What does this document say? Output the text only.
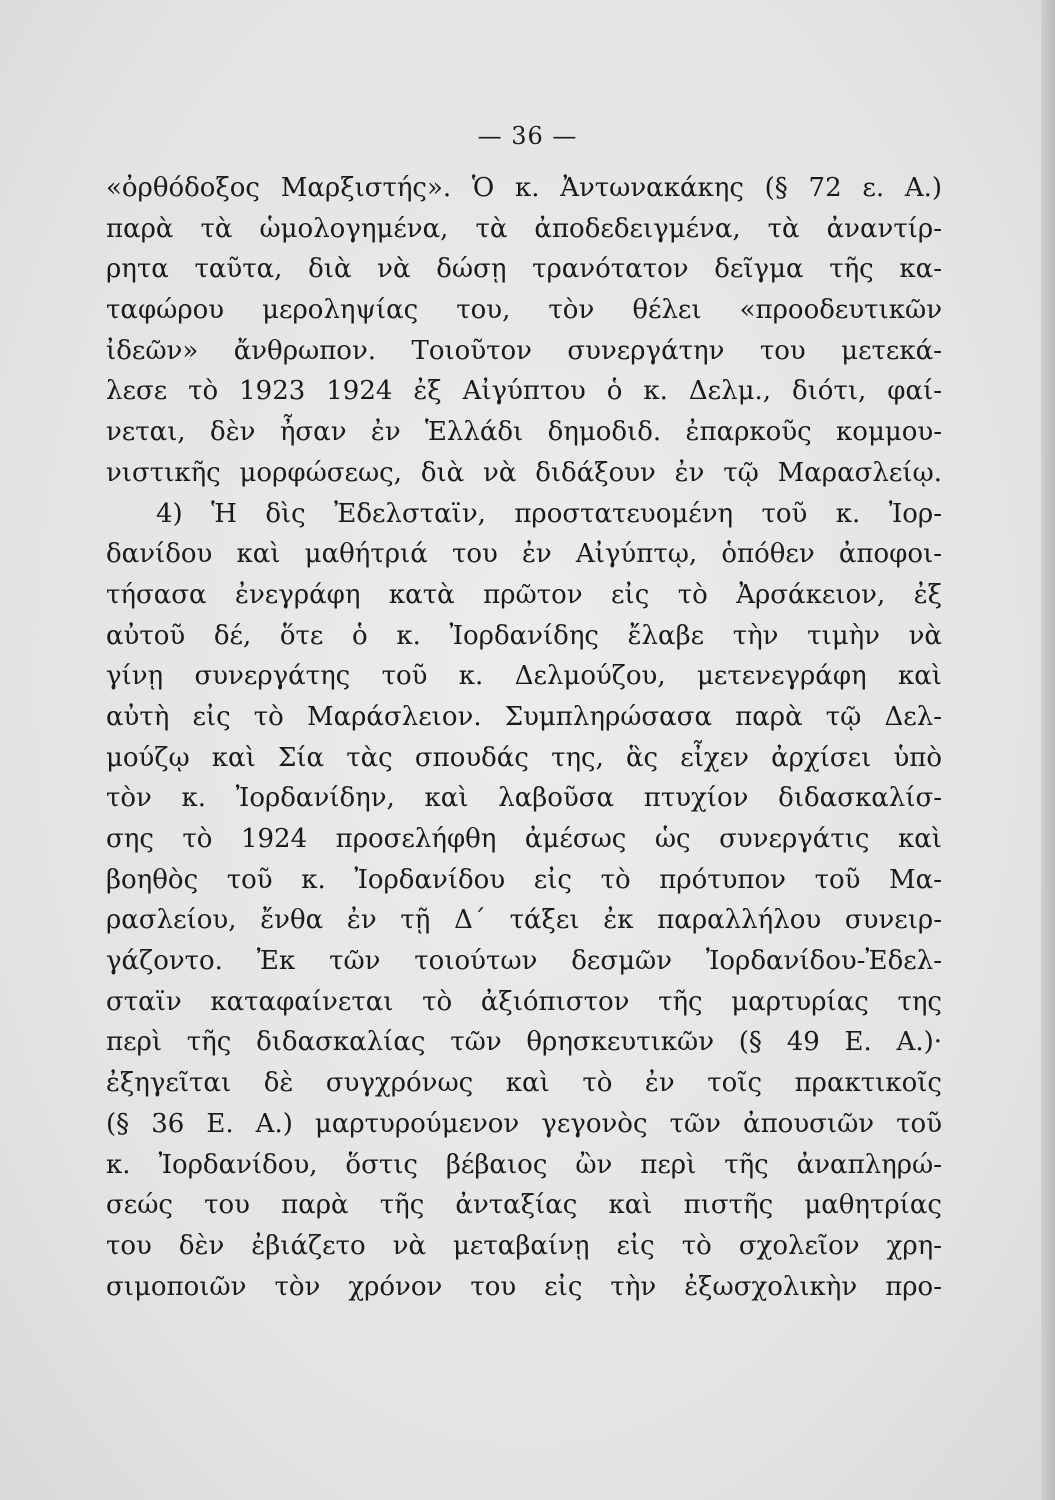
— 36 —
«ὀρθόδοξος Μαρξιστής». Ὁ κ. Ἀντωνακάκης (§ 72 ε. Α.)
παρὰ τὰ ὡμολογημένα, τὰ ἀποδεδειγμένα, τὰ ἀναντίρ-
ρητα ταῦτα, διὰ νὰ δώσῃ τρανότατον δεῖγμα τῆς κα-
ταφώρου μεροληψίας του, τὸν θέλει «προοδευτικῶν
ἰδεῶν» ἄνθρωπον. Τοιοῦτον συνεργάτην του μετεκά-
λεσε τὸ 1923 1924 ἐξ Αἰγύπτου ὁ κ. Δελμ., διότι, φαί-
νεται, δὲν ἦσαν ἐν Ἑλλάδι δημοδιδ. ἐπαρκοῦς κομμου-
νιστικῆς μορφώσεως, διὰ νὰ διδάξουν ἐν τῷ Μαρασλείῳ.
4) Ἡ δὶς Ἐδελσταϊν, προστατευομένη τοῦ κ. Ἰορ-
δανίδου καὶ μαθήτριά του ἐν Αἰγύπτῳ, ὁπόθεν ἀποφοι-
τήσασα ἐνεγράφη κατὰ πρῶτον εἰς τὸ Ἀρσάκειον, ἐξ
αὐτοῦ δέ, ὅτε ὁ κ. Ἰορδανίδης ἔλαβε τὴν τιμὴν νὰ
γίνῃ συνεργάτης τοῦ κ. Δελμούζου, μετενεγράφη καὶ
αὐτὴ εἰς τὸ Μαράσλειον. Συμπληρώσασα παρὰ τῷ Δελ-
μούζῳ καὶ Σία τὰς σπουδάς της, ἃς εἶχεν ἀρχίσει ὑπὸ
τὸν κ. Ἰορδανίδην, καὶ λαβοῦσα πτυχίον διδασκαλίσ-
σης τὸ 1924 προσελήφθη ἀμέσως ὡς συνεργάτις καὶ
βοηθὸς τοῦ κ. Ἰορδανίδου εἰς τὸ πρότυπον τοῦ Μα-
ρασλείου, ἔνθα ἐν τῇ Δ΄ τάξει ἐκ παραλλήλου συνειρ-
γάζοντο. Ἐκ τῶν τοιούτων δεσμῶν Ἰορδανίδου-Ἐδελ-
σταϊν καταφαίνεται τὸ ἀξιόπιστον τῆς μαρτυρίας της
περὶ τῆς διδασκαλίας τῶν θρησκευτικῶν (§ 49 Ε. Α.)·
ἐξηγεῖται δὲ συγχρόνως καὶ τὸ ἐν τοῖς πρακτικοῖς
(§ 36 Ε. Α.) μαρτυρούμενον γεγονὸς τῶν ἀπουσιῶν τοῦ
κ. Ἰορδανίδου, ὅστις βέβαιος ὢν περὶ τῆς ἀναπληρώ-
σεώς του παρὰ τῆς ἀνταξίας καὶ πιστῆς μαθητρίας
του δὲν ἐβιάζετο νὰ μεταβαίνῃ εἰς τὸ σχολεῖον χρη-
σιμοποιῶν τὸν χρόνον του εἰς τὴν ἐξωσχολικὴν προ-
